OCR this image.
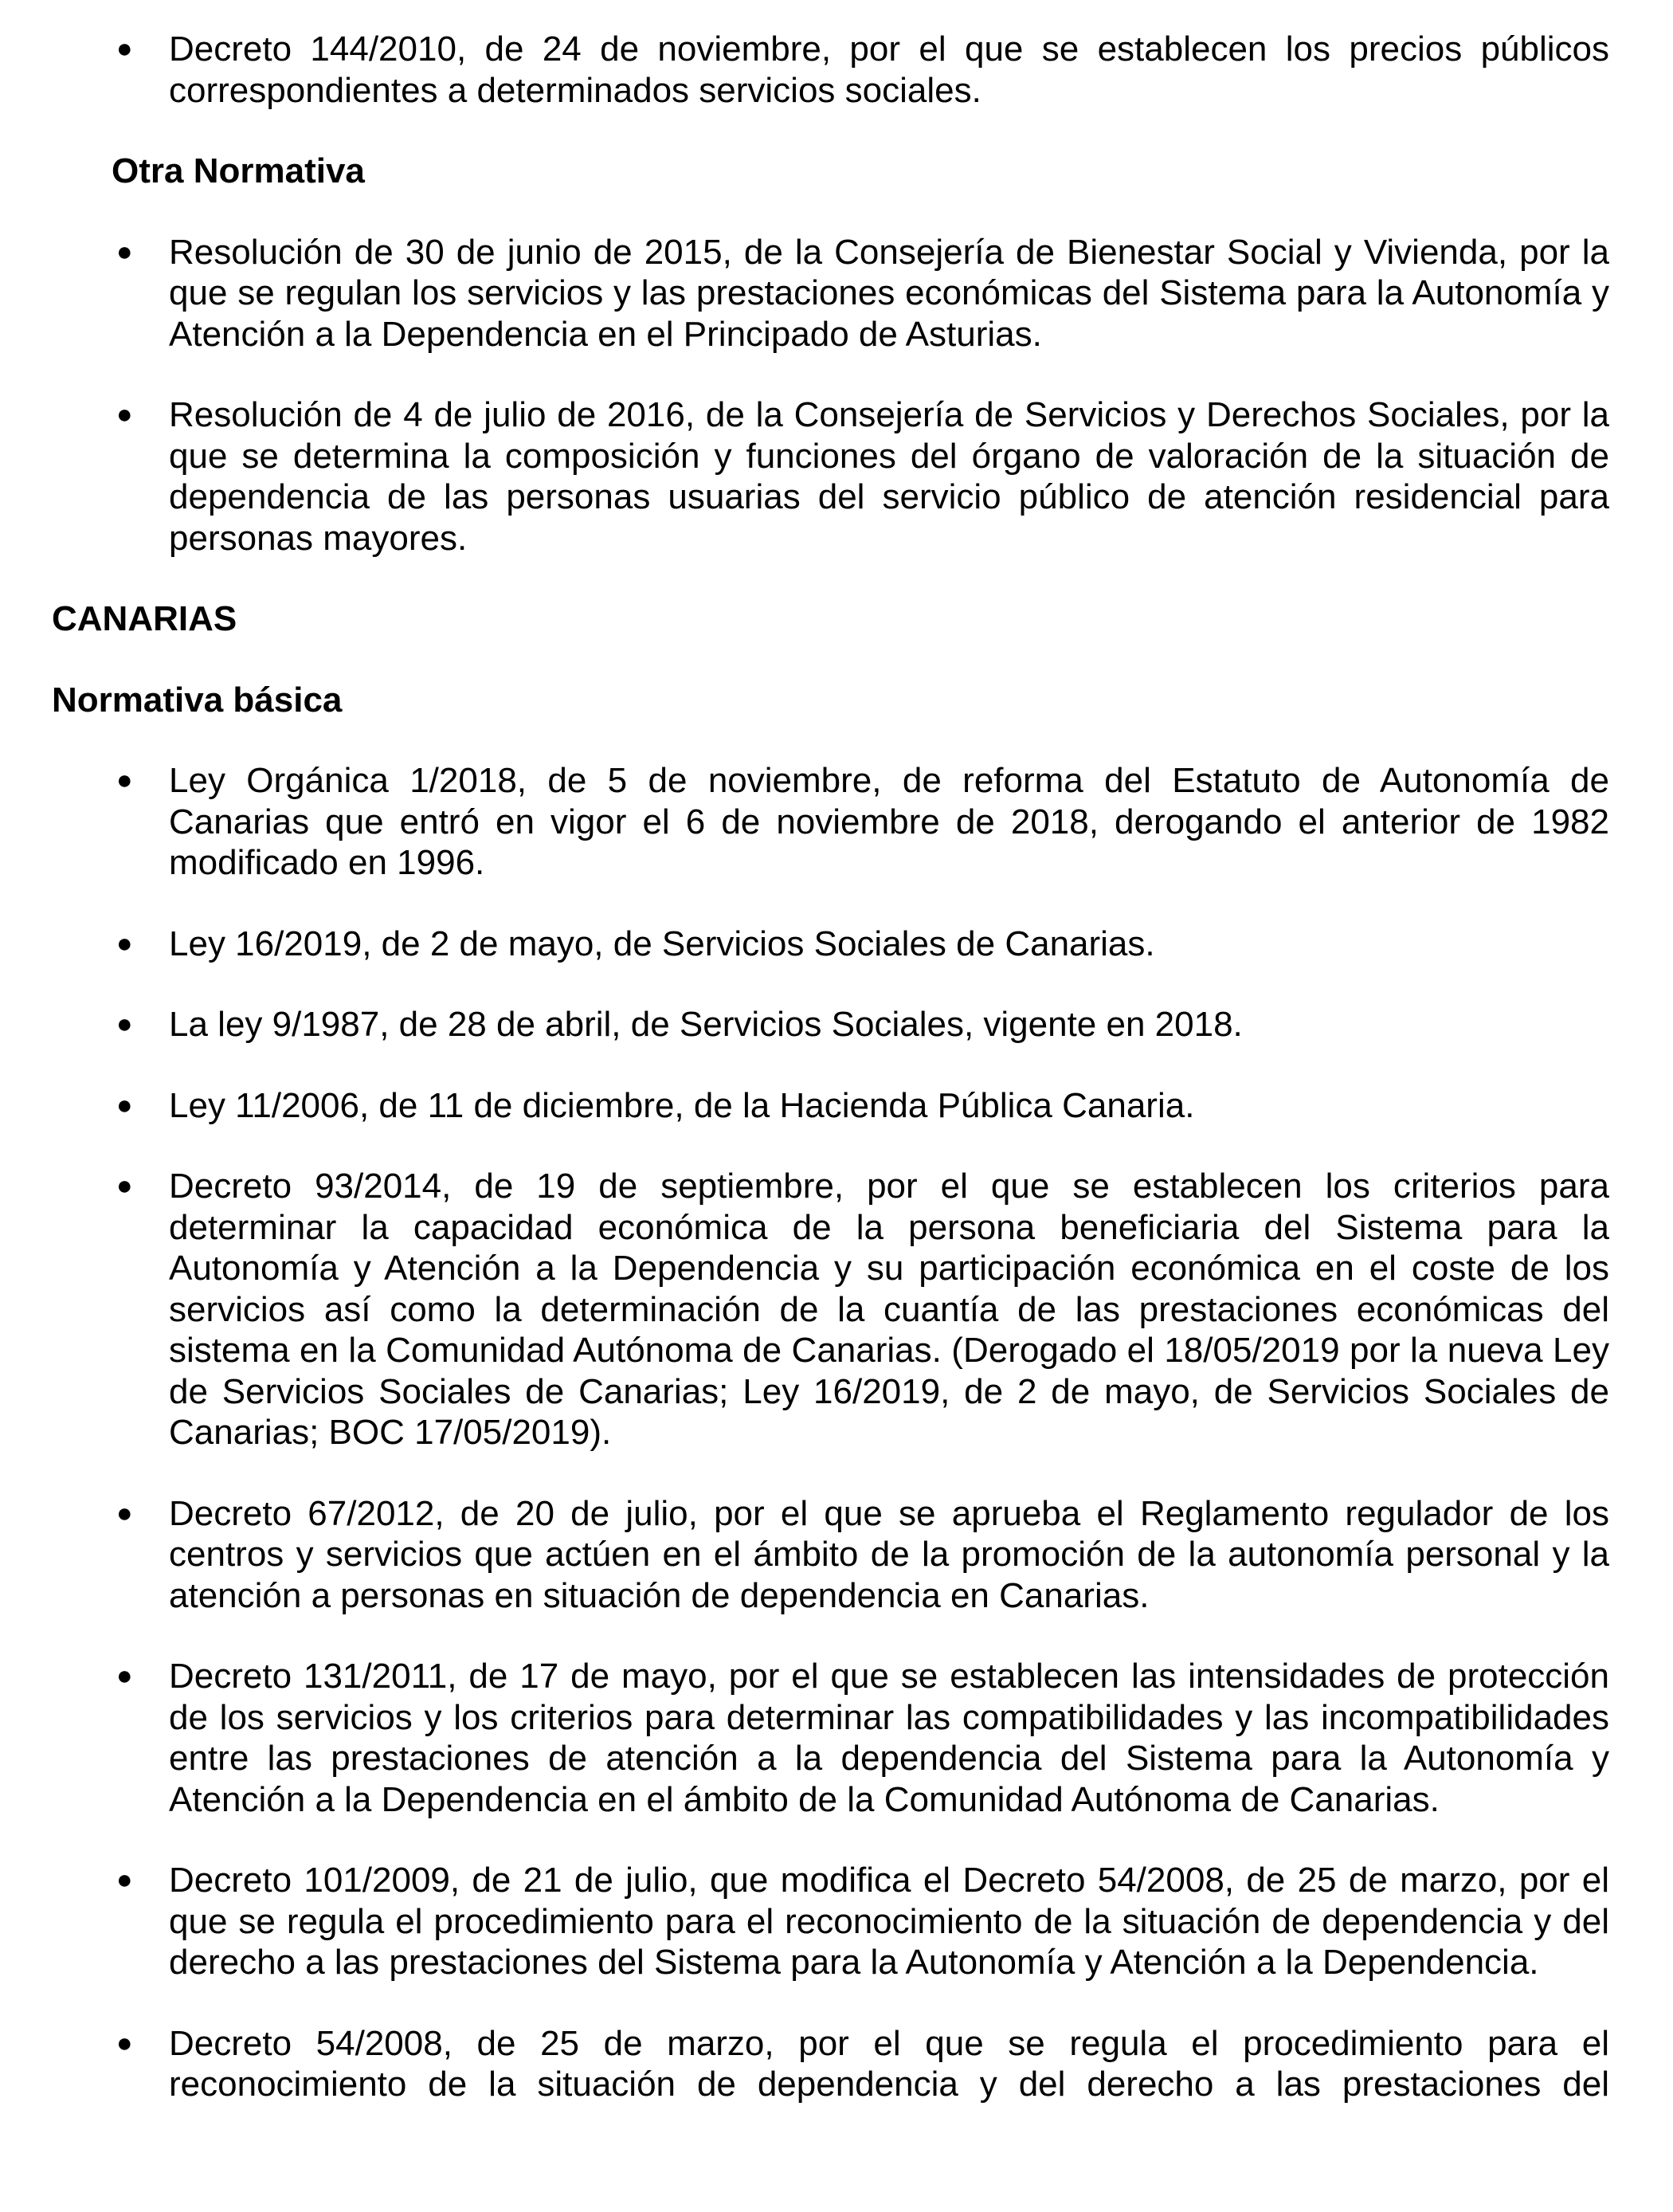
● Decreto 144/2010, de 24 de noviembre, por el que se establecen los precios públicos correspondientes a determinados servicios sociales.
Otra Normativa
● Resolución de 30 de junio de 2015, de la Consejería de Bienestar Social y Vivienda, por la que se regulan los servicios y las prestaciones económicas del Sistema para la Autonomía y Atención a la Dependencia en el Principado de Asturias.
● Resolución de 4 de julio de 2016, de la Consejería de Servicios y Derechos Sociales, por la que se determina la composición y funciones del órgano de valoración de la situación de dependencia de las personas usuarias del servicio público de atención residencial para personas mayores.
CANARIAS
Normativa básica
● Ley Orgánica 1/2018, de 5 de noviembre, de reforma del Estatuto de Autonomía de Canarias que entró en vigor el 6 de noviembre de 2018, derogando el anterior de 1982 modificado en 1996.
● Ley 16/2019, de 2 de mayo, de Servicios Sociales de Canarias.
● La ley 9/1987, de 28 de abril, de Servicios Sociales, vigente en 2018.
● Ley 11/2006, de 11 de diciembre, de la Hacienda Pública Canaria.
● Decreto 93/2014, de 19 de septiembre, por el que se establecen los criterios para determinar la capacidad económica de la persona beneficiaria del Sistema para la Autonomía y Atención a la Dependencia y su participación económica en el coste de los servicios así como la determinación de la cuantía de las prestaciones económicas del sistema en la Comunidad Autónoma de Canarias. (Derogado el 18/05/2019 por la nueva Ley de Servicios Sociales de Canarias; Ley 16/2019, de 2 de mayo, de Servicios Sociales de Canarias; BOC 17/05/2019).
● Decreto 67/2012, de 20 de julio, por el que se aprueba el Reglamento regulador de los centros y servicios que actúen en el ámbito de la promoción de la autonomía personal y la atención a personas en situación de dependencia en Canarias.
● Decreto 131/2011, de 17 de mayo, por el que se establecen las intensidades de protección de los servicios y los criterios para determinar las compatibilidades y las incompatibilidades entre las prestaciones de atención a la dependencia del Sistema para la Autonomía y Atención a la Dependencia en el ámbito de la Comunidad Autónoma de Canarias.
● Decreto 101/2009, de 21 de julio, que modifica el Decreto 54/2008, de 25 de marzo, por el que se regula el procedimiento para el reconocimiento de la situación de dependencia y del derecho a las prestaciones del Sistema para la Autonomía y Atención a la Dependencia.
● Decreto 54/2008, de 25 de marzo, por el que se regula el procedimiento para el reconocimiento de la situación de dependencia y del derecho a las prestaciones del
